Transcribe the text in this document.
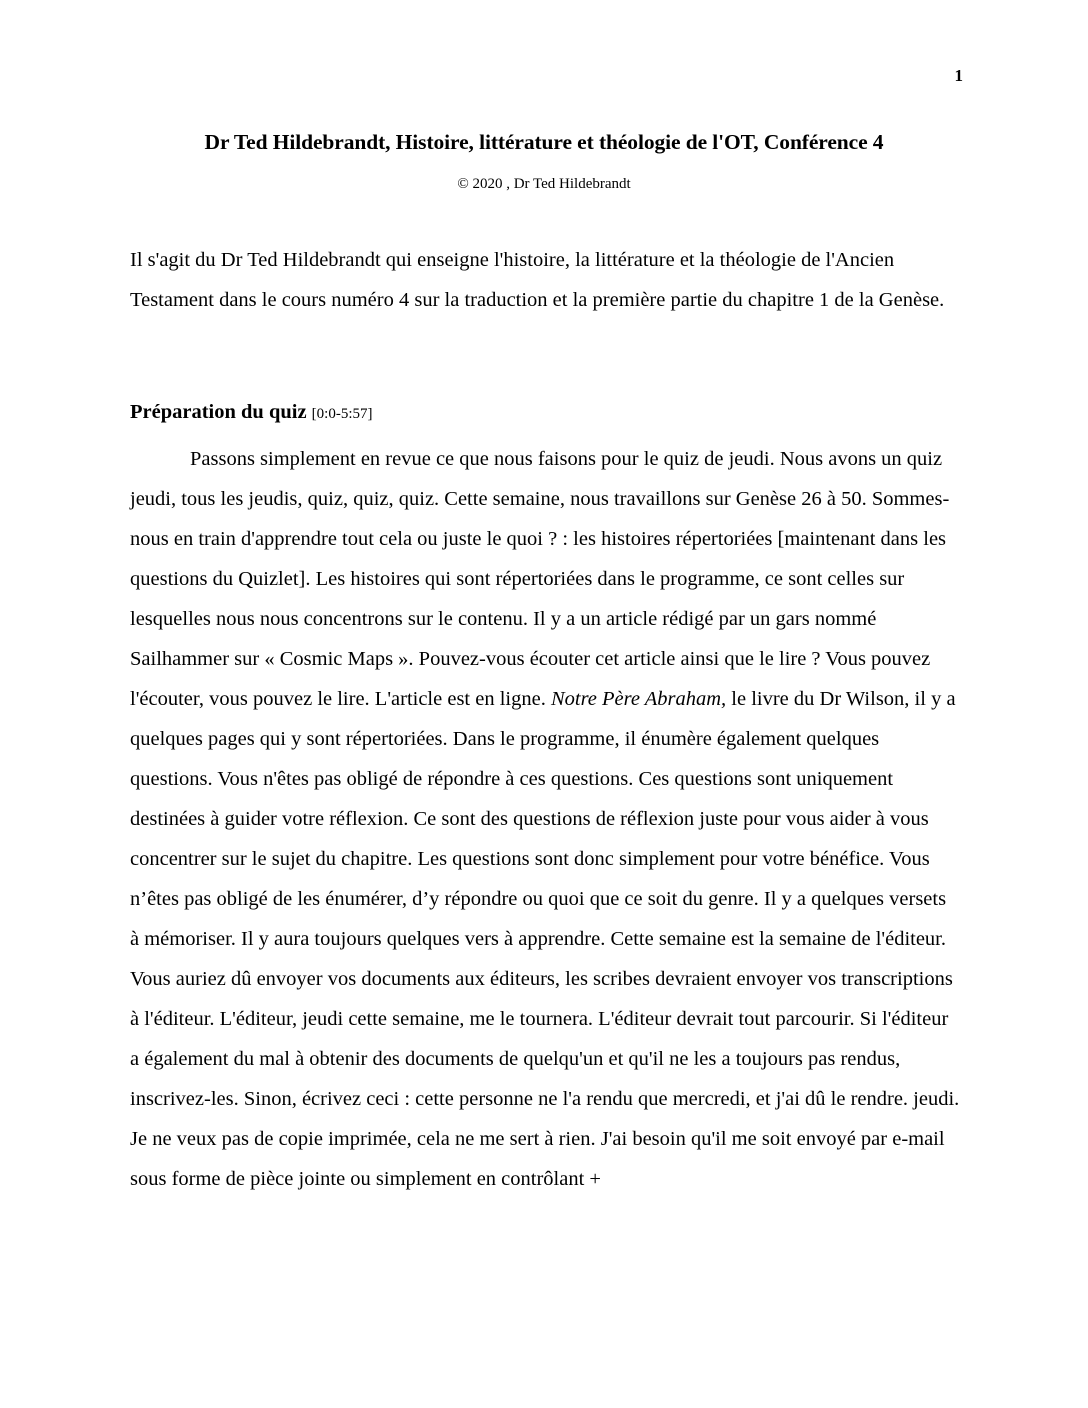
1
Dr Ted Hildebrandt, Histoire, littérature et théologie de l'OT, Conférence 4
© 2020 , Dr Ted Hildebrandt

Il s'agit du Dr Ted Hildebrandt qui enseigne l'histoire, la littérature et la théologie de l'Ancien Testament dans le cours numéro 4 sur la traduction et la première partie du chapitre 1 de la Genèse.

Préparation du quiz [0:0-5:57]

Passons simplement en revue ce que nous faisons pour le quiz de jeudi. Nous avons un quiz jeudi, tous les jeudis, quiz, quiz, quiz. Cette semaine, nous travaillons sur Genèse 26 à 50. Sommes-nous en train d'apprendre tout cela ou juste le quoi ? : les histoires répertoriées [maintenant dans les questions du Quizlet]. Les histoires qui sont répertoriées dans le programme, ce sont celles sur lesquelles nous nous concentrons sur le contenu. Il y a un article rédigé par un gars nommé Sailhammer sur « Cosmic Maps ». Pouvez-vous écouter cet article ainsi que le lire ? Vous pouvez l'écouter, vous pouvez le lire. L'article est en ligne. Notre Père Abraham, le livre du Dr Wilson, il y a quelques pages qui y sont répertoriées. Dans le programme, il énumère également quelques questions. Vous n'êtes pas obligé de répondre à ces questions. Ces questions sont uniquement destinées à guider votre réflexion. Ce sont des questions de réflexion juste pour vous aider à vous concentrer sur le sujet du chapitre. Les questions sont donc simplement pour votre bénéfice. Vous n’êtes pas obligé de les énumérer, d’y répondre ou quoi que ce soit du genre. Il y a quelques versets à mémoriser. Il y aura toujours quelques vers à apprendre. Cette semaine est la semaine de l'éditeur. Vous auriez dû envoyer vos documents aux éditeurs, les scribes devraient envoyer vos transcriptions à l'éditeur. L'éditeur, jeudi cette semaine, me le tournera. L'éditeur devrait tout parcourir. Si l'éditeur a également du mal à obtenir des documents de quelqu'un et qu'il ne les a toujours pas rendus, inscrivez-les. Sinon, écrivez ceci : cette personne ne l'a rendu que mercredi, et j'ai dû le rendre. jeudi. Je ne veux pas de copie imprimée, cela ne me sert à rien. J'ai besoin qu'il me soit envoyé par e-mail sous forme de pièce jointe ou simplement en contrôlant +
